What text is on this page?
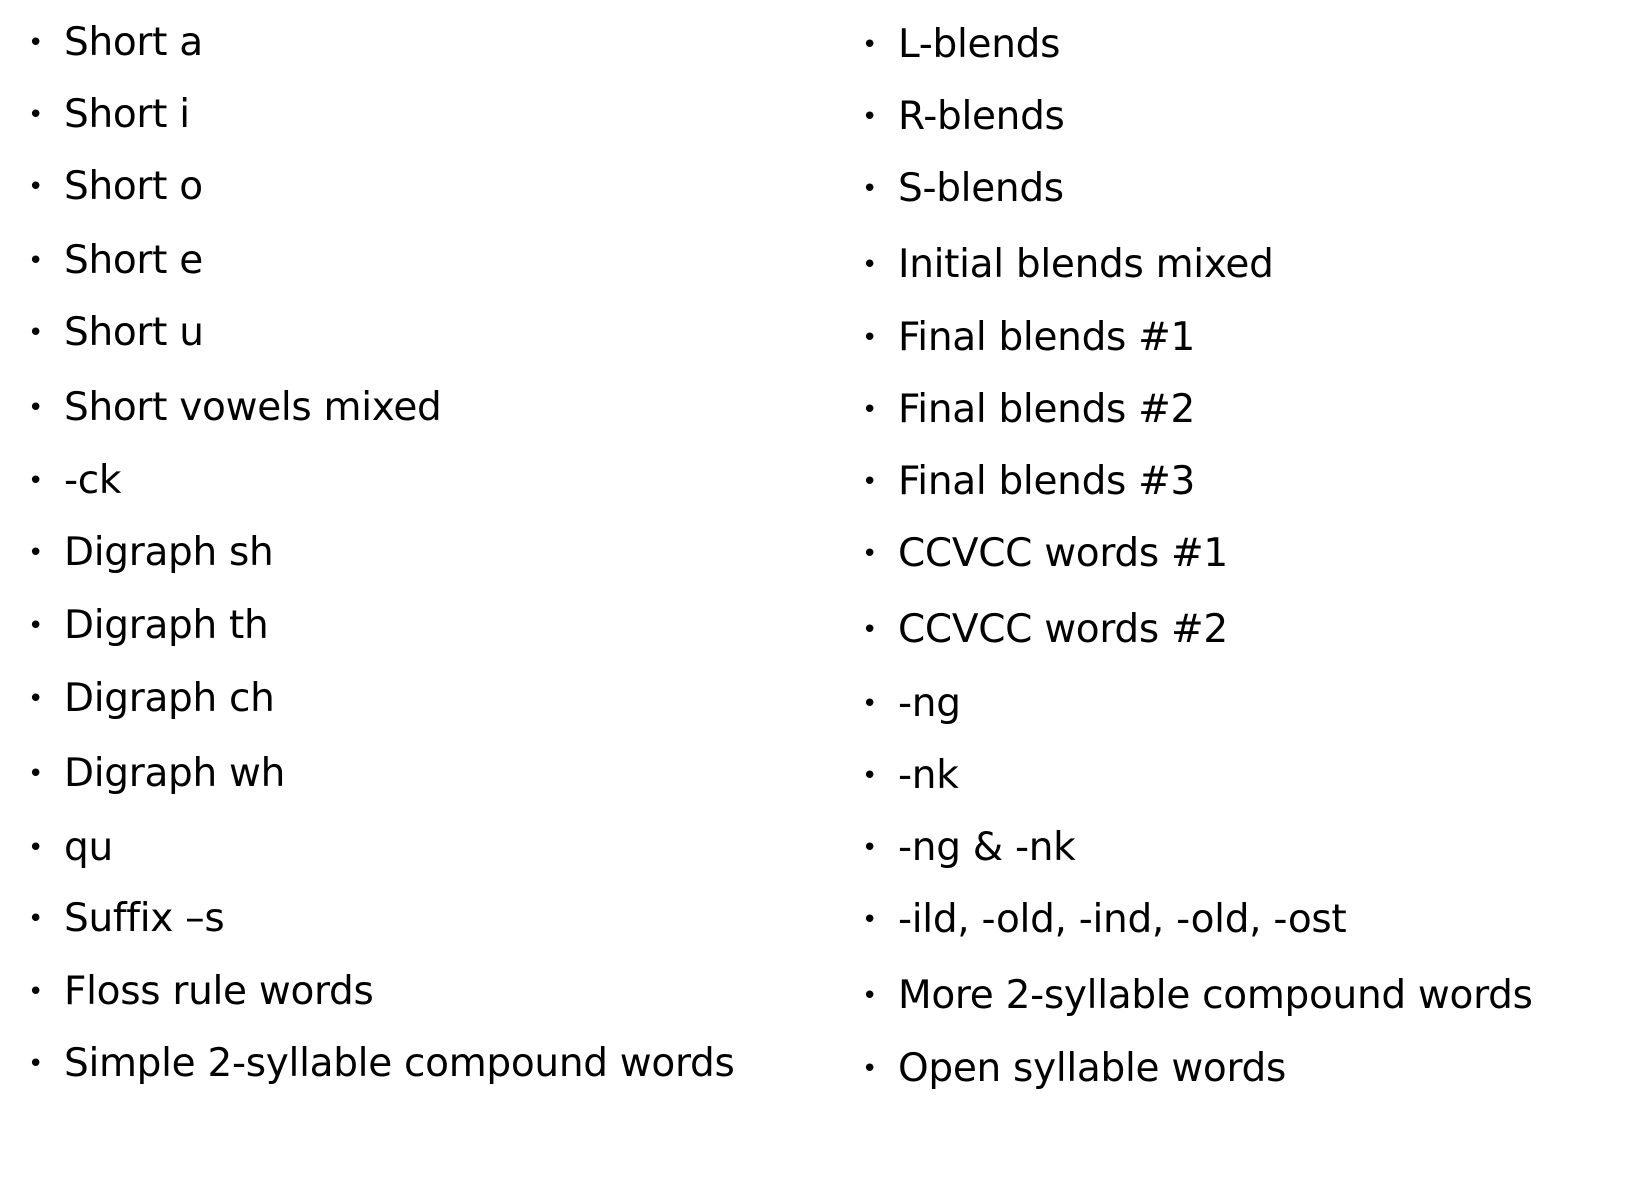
• Short a
• Short i
• Short o
• Short e
• Short u
• Short vowels mixed
• -ck
• Digraph sh
• Digraph th
• Digraph ch
• Digraph wh
• qu
• Suffix –s
• Floss rule words
• Simple 2-syllable compound words
• L-blends
• R-blends
• S-blends
• Initial blends mixed
• Final blends #1
• Final blends #2
• Final blends #3
• CCVCC words #1
• CCVCC words #2
• -ng
• -nk
• -ng & -nk
• -ild, -old, -ind, -old, -ost
• More 2-syllable compound words
• Open syllable words
